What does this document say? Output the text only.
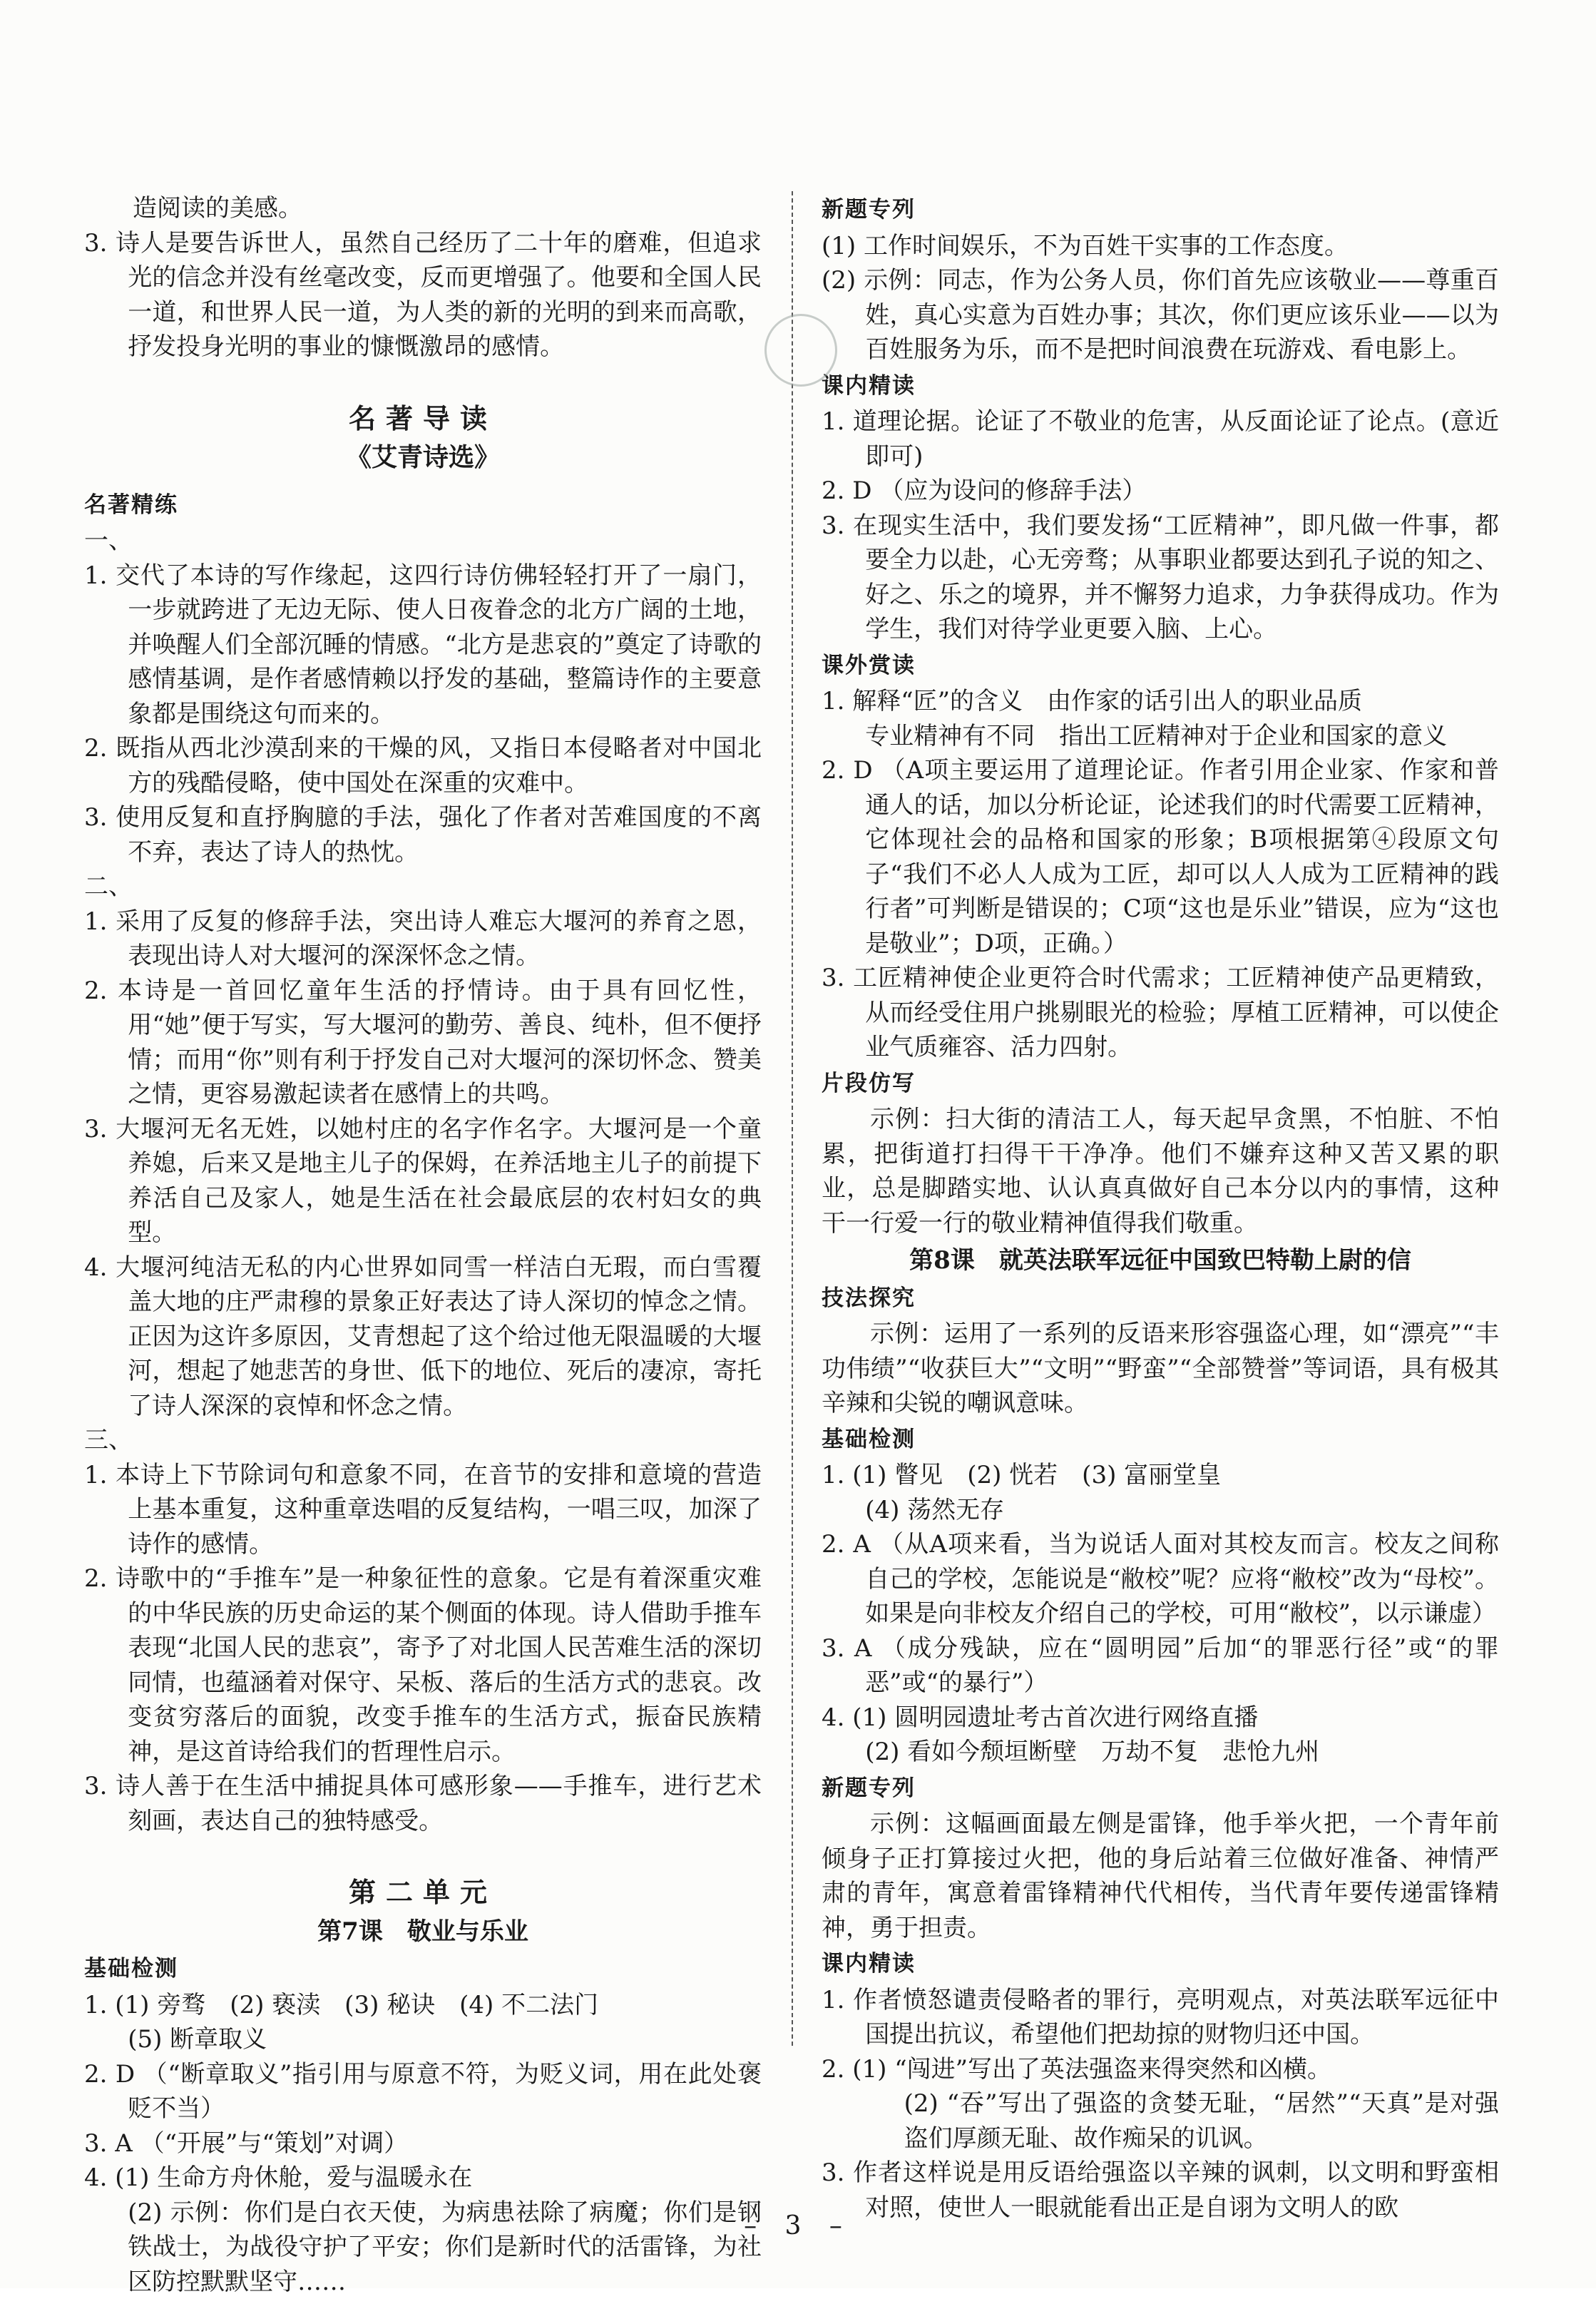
造阅读的美感。
3. 诗人是要告诉世人，虽然自己经历了二十年的磨难，但追求光的信念并没有丝毫改变，反而更增强了。他要和全国人民一道，和世界人民一道，为人类的新的光明的到来而高歌，抒发投身光明的事业的慷慨激昂的感情。
名著导读
《艾青诗选》
名著精练
一、
1. 交代了本诗的写作缘起，这四行诗仿佛轻轻打开了一扇门，一步就跨进了无边无际、使人日夜眷念的北方广阔的土地，并唤醒人们全部沉睡的情感。“北方是悲哀的”奠定了诗歌的感情基调，是作者感情赖以抒发的基础，整篇诗作的主要意象都是围绕这句而来的。
2. 既指从西北沙漠刮来的干燥的风，又指日本侵略者对中国北方的残酷侵略，使中国处在深重的灾难中。
3. 使用反复和直抒胸臆的手法，强化了作者对苦难国度的不离不弃，表达了诗人的热忱。
二、
1. 采用了反复的修辞手法，突出诗人难忘大堰河的养育之恩，表现出诗人对大堰河的深深怀念之情。
2. 本诗是一首回忆童年生活的抒情诗。由于具有回忆性，用“她”便于写实，写大堰河的勤劳、善良、纯朴，但不便抒情；而用“你”则有利于抒发自己对大堰河的深切怀念、赞美之情，更容易激起读者在感情上的共鸣。
3. 大堰河无名无姓，以她村庄的名字作名字。大堰河是一个童养媳，后来又是地主儿子的保姆，在养活地主儿子的前提下养活自己及家人，她是生活在社会最底层的农村妇女的典型。
4. 大堰河纯洁无私的内心世界如同雪一样洁白无瑕，而白雪覆盖大地的庄严肃穆的景象正好表达了诗人深切的悼念之情。正因为这许多原因，艾青想起了这个给过他无限温暖的大堰河，想起了她悲苦的身世、低下的地位、死后的凄凉，寄托了诗人深深的哀悼和怀念之情。
三、
1. 本诗上下节除词句和意象不同，在音节的安排和意境的营造上基本重复，这种重章迭唱的反复结构，一唱三叹，加深了诗作的感情。
2. 诗歌中的“手推车”是一种象征性的意象。它是有着深重灾难的中华民族的历史命运的某个侧面的体现。诗人借助手推车表现“北国人民的悲哀”，寄予了对北国人民苦难生活的深切同情，也蕴涵着对保守、呆板、落后的生活方式的悲哀。改变贫穷落后的面貌，改变手推车的生活方式，振奋民族精神，是这首诗给我们的哲理性启示。
3. 诗人善于在生活中捕捉具体可感形象——手推车，进行艺术刻画，表达自己的独特感受。
第二单元
第7课　敬业与乐业
基础检测
1. (1) 旁骛　(2) 亵渎　(3) 秘诀　(4) 不二法门
(5) 断章取义
2. D （“断章取义”指引用与原意不符，为贬义词，用在此处褒贬不当）
3. A （“开展”与“策划”对调）
4. (1) 生命方舟休舱，爱与温暖永在
(2) 示例：你们是白衣天使，为病患祛除了病魔；你们是钢铁战士，为战役守护了平安；你们是新时代的活雷锋，为社区防控默默坚守……
新题专列
(1) 工作时间娱乐，不为百姓干实事的工作态度。
(2) 示例：同志，作为公务人员，你们首先应该敬业——尊重百姓，真心实意为百姓办事；其次，你们更应该乐业——以为百姓服务为乐，而不是把时间浪费在玩游戏、看电影上。
课内精读
1. 道理论据。论证了不敬业的危害，从反面论证了论点。(意近即可)
2. D （应为设问的修辞手法）
3. 在现实生活中，我们要发扬“工匠精神”，即凡做一件事，都要全力以赴，心无旁骛；从事职业都要达到孔子说的知之、好之、乐之的境界，并不懈努力追求，力争获得成功。作为学生，我们对待学业更要入脑、上心。
课外赏读
1. 解释“匠”的含义　由作家的话引出人的职业品质
专业精神有不同　指出工匠精神对于企业和国家的意义
2. D （A项主要运用了道理论证。作者引用企业家、作家和普通人的话，加以分析论证，论述我们的时代需要工匠精神，它体现社会的品格和国家的形象；B项根据第④段原文句子“我们不必人人成为工匠，却可以人人成为工匠精神的践行者”可判断是错误的；C项“这也是乐业”错误，应为“这也是敬业”；D项，正确。）
3. 工匠精神使企业更符合时代需求；工匠精神使产品更精致，从而经受住用户挑剔眼光的检验；厚植工匠精神，可以使企业气质雍容、活力四射。
片段仿写
示例：扫大街的清洁工人，每天起早贪黑，不怕脏、不怕累，把街道打扫得干干净净。他们不嫌弃这种又苦又累的职业，总是脚踏实地、认认真真做好自己本分以内的事情，这种干一行爱一行的敬业精神值得我们敬重。
第8课　就英法联军远征中国致巴特勒上尉的信
技法探究
示例：运用了一系列的反语来形容强盗心理，如“漂亮”“丰功伟绩”“收获巨大”“文明”“野蛮”“全部赞誉”等词语，具有极其辛辣和尖锐的嘲讽意味。
基础检测
1. (1) 瞥见　(2) 恍若　(3) 富丽堂皇
(4) 荡然无存
2. A （从A项来看，当为说话人面对其校友而言。校友之间称自己的学校，怎能说是“敝校”呢？应将“敝校”改为“母校”。如果是向非校友介绍自己的学校，可用“敝校”，以示谦虚）
3. A （成分残缺，应在“圆明园”后加“的罪恶行径”或“的罪恶”或“的暴行”）
4. (1) 圆明园遗址考古首次进行网络直播
(2) 看如今颓垣断壁　万劫不复　悲怆九州
新题专列
示例：这幅画面最左侧是雷锋，他手举火把，一个青年前倾身子正打算接过火把，他的身后站着三位做好准备、神情严肃的青年，寓意着雷锋精神代代相传，当代青年要传递雷锋精神，勇于担责。
课内精读
1. 作者愤怒谴责侵略者的罪行，亮明观点，对英法联军远征中国提出抗议，希望他们把劫掠的财物归还中国。
2. (1) “闯进”写出了英法强盗来得突然和凶横。
(2) “吞”写出了强盗的贪婪无耻，“居然”“天真”是对强盗们厚颜无耻、故作痴呆的讥讽。
3. 作者这样说是用反语给强盗以辛辣的讽刺，以文明和野蛮相对照，使世人一眼就能看出正是自诩为文明人的欧
– 3 –
